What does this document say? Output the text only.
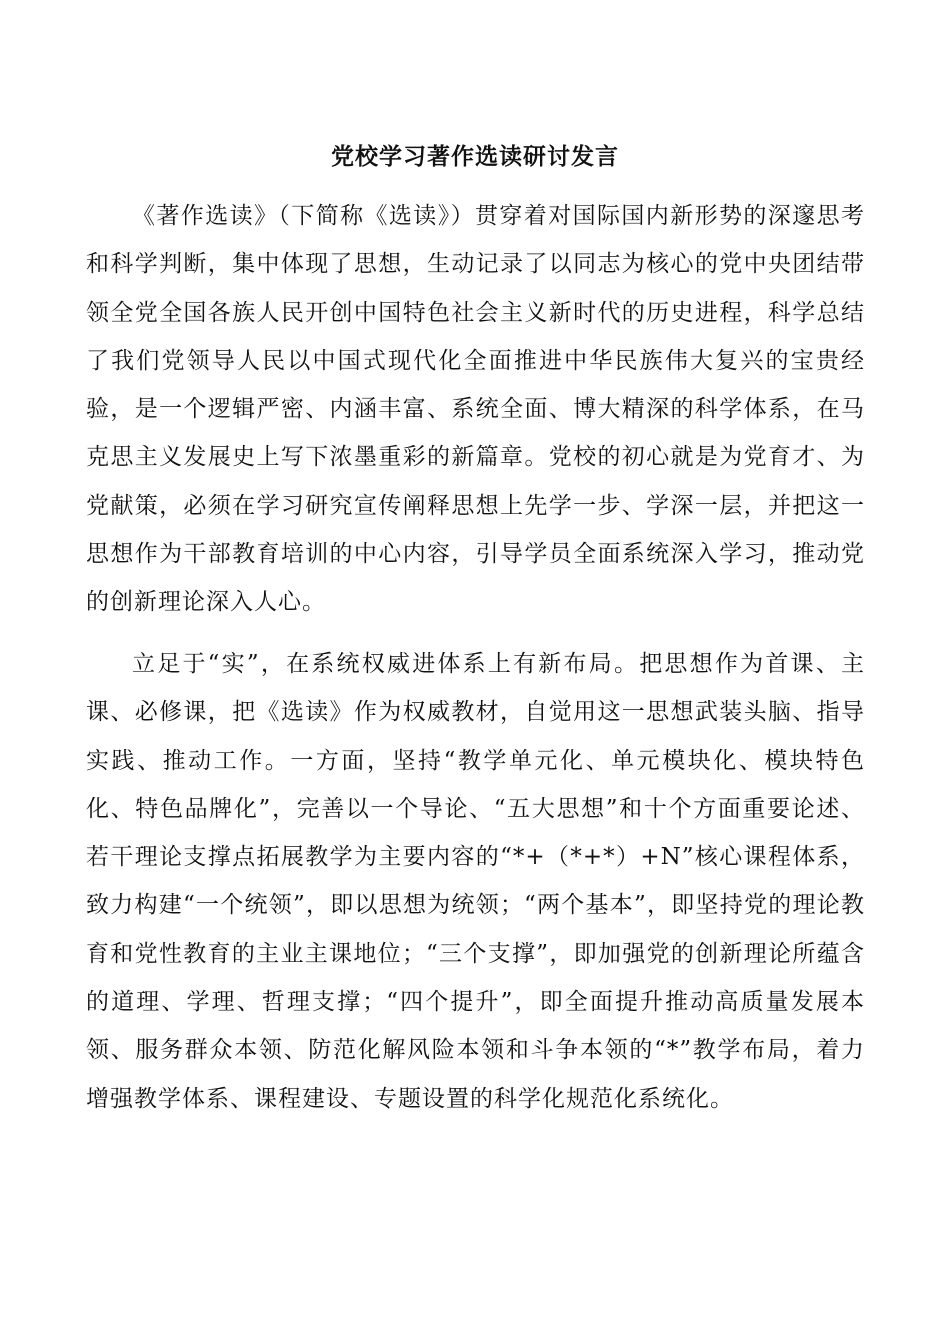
党校学习著作选读研讨发言

《著作选读》（下简称《选读》）贯穿着对国际国内新形势的深邃思考和科学判断，集中体现了思想，生动记录了以同志为核心的党中央团结带领全党全国各族人民开创中国特色社会主义新时代的历史进程，科学总结了我们党领导人民以中国式现代化全面推进中华民族伟大复兴的宝贵经验，是一个逻辑严密、内涵丰富、系统全面、博大精深的科学体系，在马克思主义发展史上写下浓墨重彩的新篇章。党校的初心就是为党育才、为党献策，必须在学习研究宣传阐释思想上先学一步、学深一层，并把这一思想作为干部教育培训的中心内容，引导学员全面系统深入学习，推动党的创新理论深入人心。

立足于“实”，在系统权威进体系上有新布局。把思想作为首课、主课、必修课，把《选读》作为权威教材，自觉用这一思想武装头脑、指导实践、推动工作。一方面，坚持“教学单元化、单元模块化、模块特色化、特色品牌化”，完善以一个导论、“五大思想”和十个方面重要论述、若干理论支撑点拓展教学为主要内容的“*+（*+*）+N”核心课程体系，致力构建“一个统领”，即以思想为统领；“两个基本”，即坚持党的理论教育和党性教育的主业主课地位；“三个支撑”，即加强党的创新理论所蕴含的道理、学理、哲理支撑；“四个提升”，即全面提升推动高质量发展本领、服务群众本领、防范化解风险本领和斗争本领的“*”教学布局，着力增强教学体系、课程建设、专题设置的科学化规范化系统化。
